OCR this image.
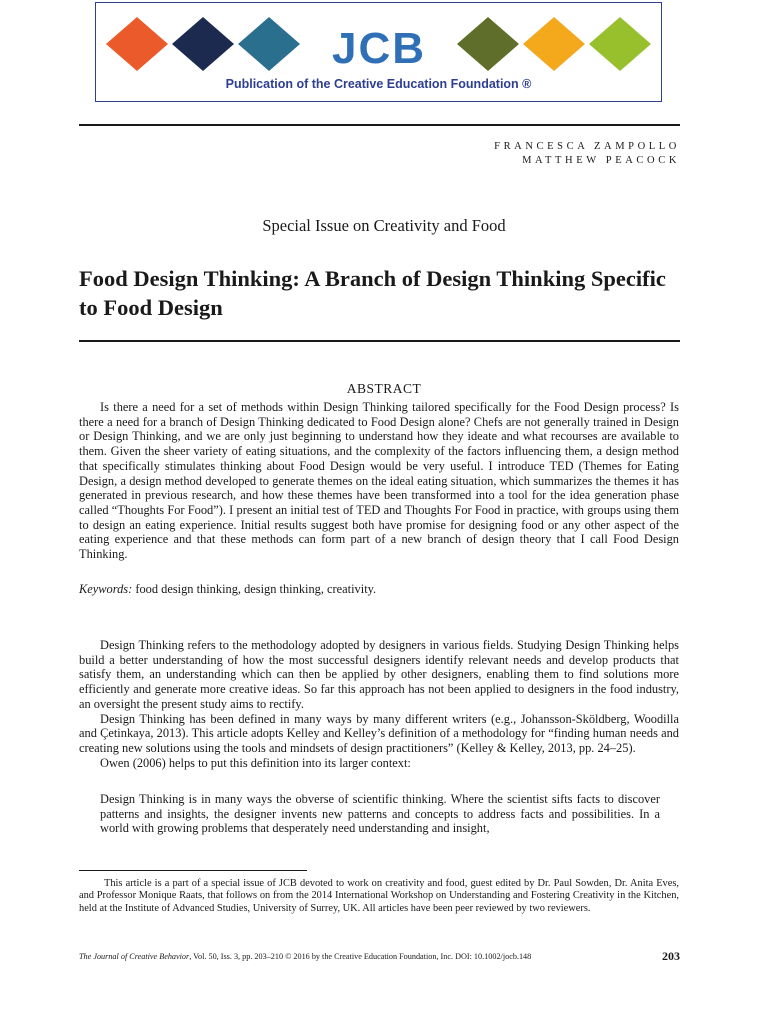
JCB
Publication of the Creative Education Foundation ®
FRANCESCA ZAMPOLLO
MATTHEW PEACOCK
Special Issue on Creativity and Food
Food Design Thinking: A Branch of Design Thinking Specific to Food Design
ABSTRACT

Is there a need for a set of methods within Design Thinking tailored specifically for the Food Design process? Is there a need for a branch of Design Thinking dedicated to Food Design alone? Chefs are not generally trained in Design or Design Thinking, and we are only just beginning to understand how they ideate and what recourses are available to them. Given the sheer variety of eating situations, and the complexity of the factors influencing them, a design method that specifically stimulates thinking about Food Design would be very useful. I introduce TED (Themes for Eating Design, a design method developed to generate themes on the ideal eating situation, which summarizes the themes it has generated in previous research, and how these themes have been transformed into a tool for the idea generation phase called “Thoughts For Food”). I present an initial test of TED and Thoughts For Food in practice, with groups using them to design an eating experience. Initial results suggest both have promise for designing food or any other aspect of the eating experience and that these methods can form part of a new branch of design theory that I call Food Design Thinking.

Keywords: food design thinking, design thinking, creativity.

Design Thinking refers to the methodology adopted by designers in various fields. Studying Design Thinking helps build a better understanding of how the most successful designers identify relevant needs and develop products that satisfy them, an understanding which can then be applied by other designers, enabling them to find solutions more efficiently and generate more creative ideas. So far this approach has not been applied to designers in the food industry, an oversight the present study aims to rectify.

Design Thinking has been defined in many ways by many different writers (e.g., Johansson-Sköldberg, Woodilla and Çetinkaya, 2013). This article adopts Kelley and Kelley’s definition of a methodology for “finding human needs and creating new solutions using the tools and mindsets of design practitioners” (Kelley & Kelley, 2013, pp. 24–25).

Owen (2006) helps to put this definition into its larger context:

Design Thinking is in many ways the obverse of scientific thinking. Where the scientist sifts facts to discover patterns and insights, the designer invents new patterns and concepts to address facts and possibilities. In a world with growing problems that desperately need understanding and insight,

This article is a part of a special issue of JCB devoted to work on creativity and food, guest edited by Dr. Paul Sowden, Dr. Anita Eves, and Professor Monique Raats, that follows on from the 2014 International Workshop on Understanding and Fostering Creativity in the Kitchen, held at the Institute of Advanced Studies, University of Surrey, UK. All articles have been peer reviewed by two reviewers.

The Journal of Creative Behavior, Vol. 50, Iss. 3, pp. 203–210 © 2016 by the Creative Education Foundation, Inc. DOI: 10.1002/jocb.148	203
